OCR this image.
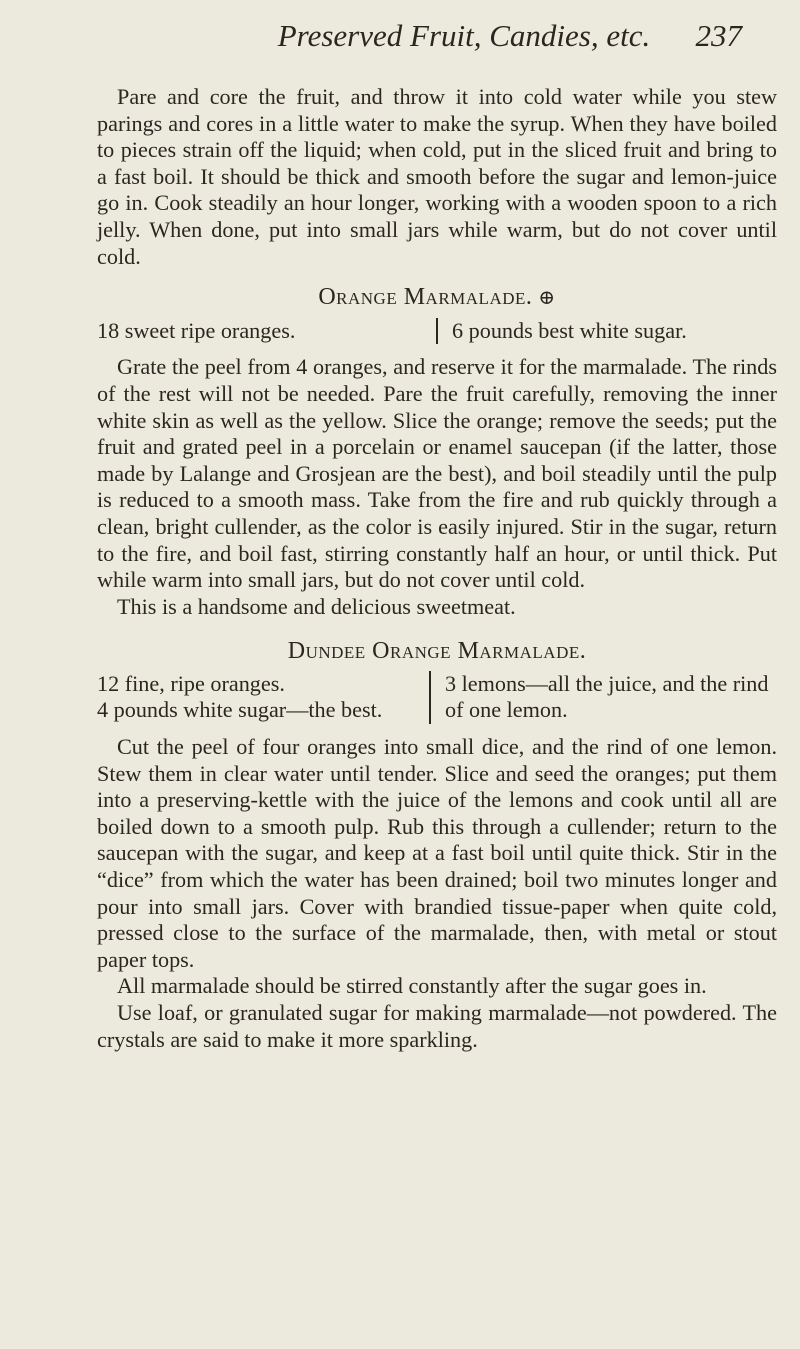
Preserved Fruit, Candies, etc.	237

Pare and core the fruit, and throw it into cold water while you stew parings and cores in a little water to make the syrup. When they have boiled to pieces strain off the liquid; when cold, put in the sliced fruit and bring to a fast boil. It should be thick and smooth before the sugar and lemon-juice go in. Cook steadily an hour longer, working with a wooden spoon to a rich jelly. When done, put into small jars while warm, but do not cover until cold.

Orange Marmalade. ⊕
18 sweet ripe oranges.	6 pounds best white sugar.

Grate the peel from 4 oranges, and reserve it for the marmalade. The rinds of the rest will not be needed. Pare the fruit carefully, removing the inner white skin as well as the yellow. Slice the orange; remove the seeds; put the fruit and grated peel in a porcelain or enamel saucepan (if the latter, those made by Lalange and Grosjean are the best), and boil steadily until the pulp is reduced to a smooth mass. Take from the fire and rub quickly through a clean, bright cullender, as the color is easily injured. Stir in the sugar, return to the fire, and boil fast, stirring constantly half an hour, or until thick. Put while warm into small jars, but do not cover until cold.

This is a handsome and delicious sweetmeat.

Dundee Orange Marmalade.
12 fine, ripe oranges.
4 pounds white sugar—the best.
3 lemons—all the juice, and the rind of one lemon.

Cut the peel of four oranges into small dice, and the rind of one lemon. Stew them in clear water until tender. Slice and seed the oranges; put them into a preserving-kettle with the juice of the lemons and cook until all are boiled down to a smooth pulp. Rub this through a cullender; return to the saucepan with the sugar, and keep at a fast boil until quite thick. Stir in the “dice” from which the water has been drained; boil two minutes longer and pour into small jars. Cover with brandied tissue-paper when quite cold, pressed close to the surface of the marmalade, then, with metal or stout paper tops.

All marmalade should be stirred constantly after the sugar goes in.

Use loaf, or granulated sugar for making marmalade—not powdered. The crystals are said to make it more sparkling.
